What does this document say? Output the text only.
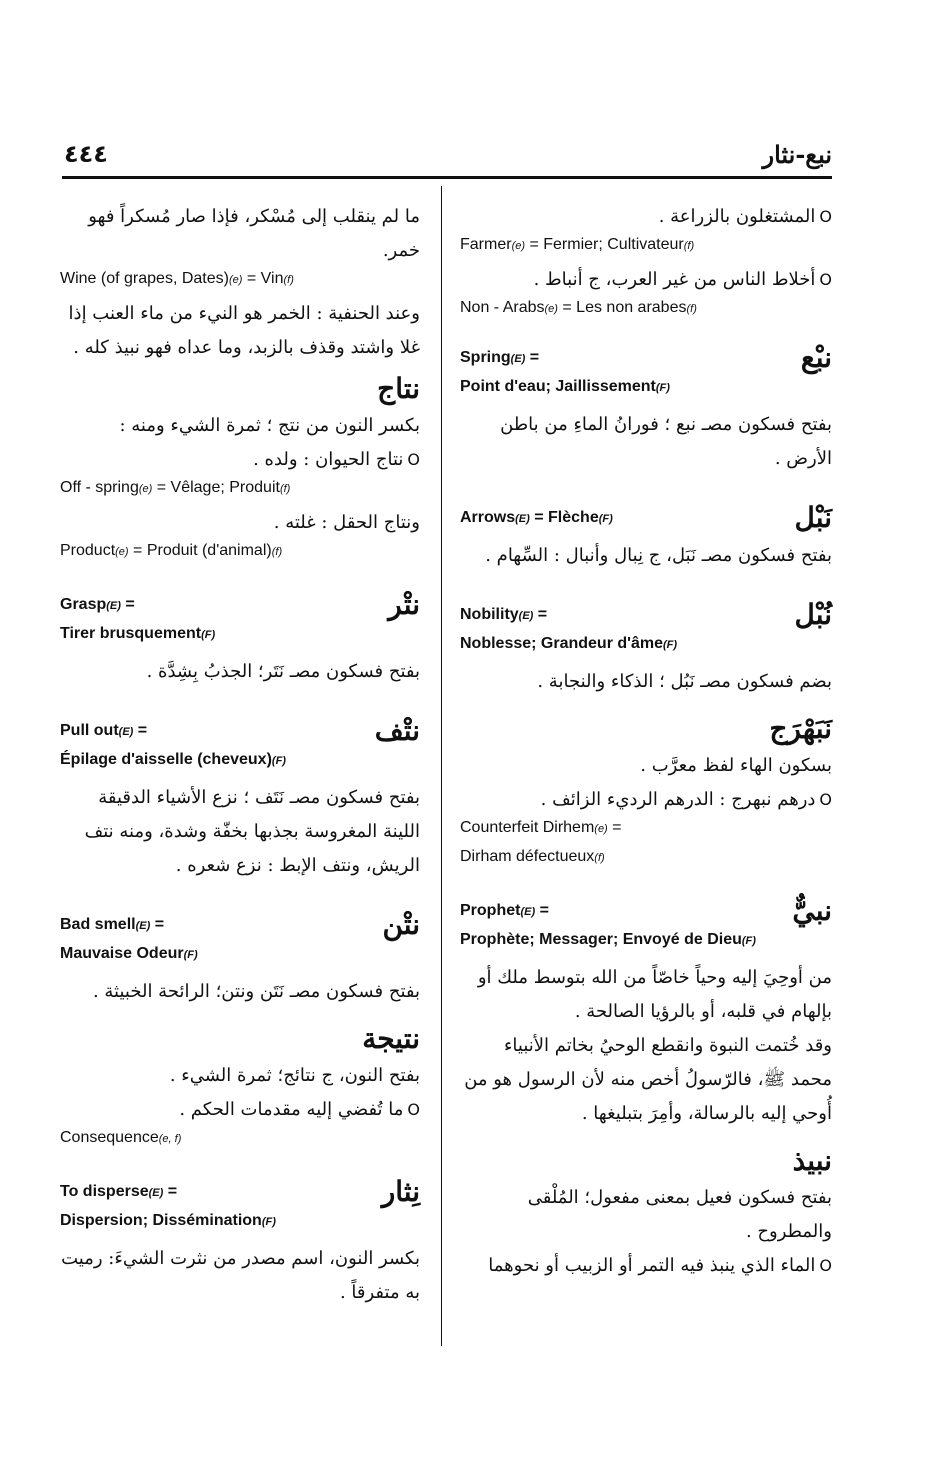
٤٤٤	نبع-نثار

ما لم ينقلب إلى مُسْكر، فإذا صار مُسكراً فهو خمر.

Wine (of grapes, Dates)(e) = Vin(f)

وعند الحنفية : الخمر هو النيء من ماء العنب إذا غلا واشتد وقذف بالزبد، وما عداه فهو نبيذ كله .

نتاج

بكسر النون من نتج ؛ ثمرة الشيء ومنه :

Oنتاج الحيوان : ولده .

Off - spring(e) = Vêlage; Produit(f)

ونتاج الحقل : غلته .

Product(e) = Produit (d'animal)(f)

نتْر

Grasp(E) =

Tirer brusquement(F)

بفتح فسكون مصـ نَتَر؛ الجذبُ بِشِدَّة .

نتْف

Pull out(E) =

Épilage d'aisselle (cheveux)(F)

بفتح فسكون مصـ نَتَف ؛ نزع الأشياء الدقيقة اللينة المغروسة بجذبها بخفّة وشدة، ومنه نتف الريش، ونتف الإبط : نزع شعره .

نتْن

Bad smell(E) =

Mauvaise Odeur(F)

بفتح فسكون مصـ نَتَن ونتن؛ الرائحة الخبيثة .

نتيجة

بفتح النون، ج نتائج؛ ثمرة الشيء .

Oما تُفضي إليه مقدمات الحكم .

Consequence(e, f)

نِثار

To disperse(E) =

Dispersion; Dissémination(F)

بكسر النون، اسم مصدر من نثرت الشيءَ: رميت به متفرقاً .

Oالمشتغلون بالزراعة .

Farmer(e) = Fermier; Cultivateur(f)

Oأخلاط الناس من غير العرب، ج أنباط .

Non - Arabs(e) = Les non arabes(f)

نبْع

Spring(E) =

Point d'eau; Jaillissement(F)

بفتح فسكون مصـ نبع ؛ فورانُ الماءِ من باطن الأرض .

نَبْل

Arrows(E) = Flèche(F)

بفتح فسكون مصـ نَبَل، ج نِبال وأنبال : السِّهام .

نُبْل

Nobility(E) =

Noblesse; Grandeur d'âme(F)

بضم فسكون مصـ نَبُل ؛ الذكاء والنجابة .

نَبَهْرَج

بسكون الهاء لفظ معرَّب .

Oدرهم نبهرج : الدرهم الرديء الزائف .

Counterfeit Dirhem(e) =

Dirham défectueux(f)

نبيٌّ

Prophet(E) =

Prophète; Messager; Envoyé de Dieu(F)

من أوحِيَ إليه وحياً خاصّاً من الله بتوسط ملك أو بإلهام في قلبه، أو بالرؤيا الصالحة .

وقد خُتمت النبوة وانقطع الوحيُ بخاتم الأنبياء محمد ﷺ، فالرّسولُ أخص منه لأن الرسول هو من أُوحي إليه بالرسالة، وأمِرَ بتبليغها .

نبيذ

بفتح فسكون فعيل بمعنى مفعول؛ المُلْقى والمطروح .

Oالماء الذي ينبذ فيه التمر أو الزبيب أو نحوهما
